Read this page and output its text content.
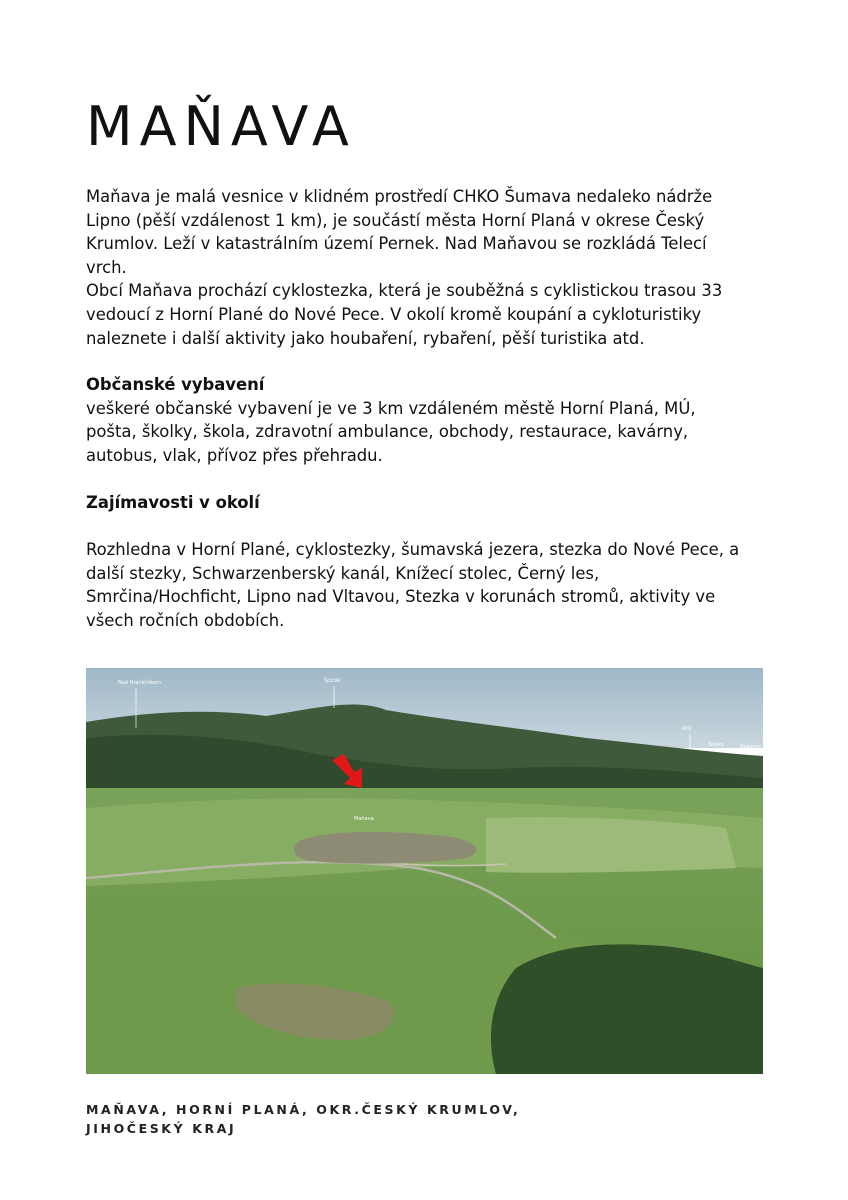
MAŇAVA

Maňava je malá vesnice v klidném prostředí CHKO Šumava nedaleko nádrže
Lipno (pěší vzdálenost 1 km), je součástí města Horní Planá v okrese Český
Krumlov. Leží v katastrálním území Pernek. Nad Maňavou se rozkládá Telecí
vrch.

Obcí Maňava prochází cyklostezka, která je souběžná s cyklistickou trasou 33
vedoucí z Horní Plané do Nové Pece. V okolí kromě koupání a cykloturistiky
naleznete i další aktivity jako houbaření, rybaření, pěší turistika atd.

Občanské vybavení

veškeré občanské vybavení je ve 3 km vzdáleném městě Horní Planá, MÚ,
pošta, školky, škola, zdravotní ambulance, obchody, restaurace, kavárny,
autobus, vlak, přívoz přes přehradu.

Zajímavosti v okolí

Rozhledna v Horní Plané, cyklostezky, šumavská jezera, stezka do Nové Pece, a
další stezky, Schwarzenberský kanál, Knížecí stolec, Černý les,
Smrčina/Hochficht, Lipno nad Vltavou, Stezka v korunách stromů, aktivity ve
všech ročních obdobích.

Maňava
Nad Hraničníkem	Špičák
Kříž
Školky	Bukovec

MAŇAVA, HORNÍ PLANÁ, OKR.ČESKÝ KRUMLOV,
JIHOČESKÝ KRAJ
